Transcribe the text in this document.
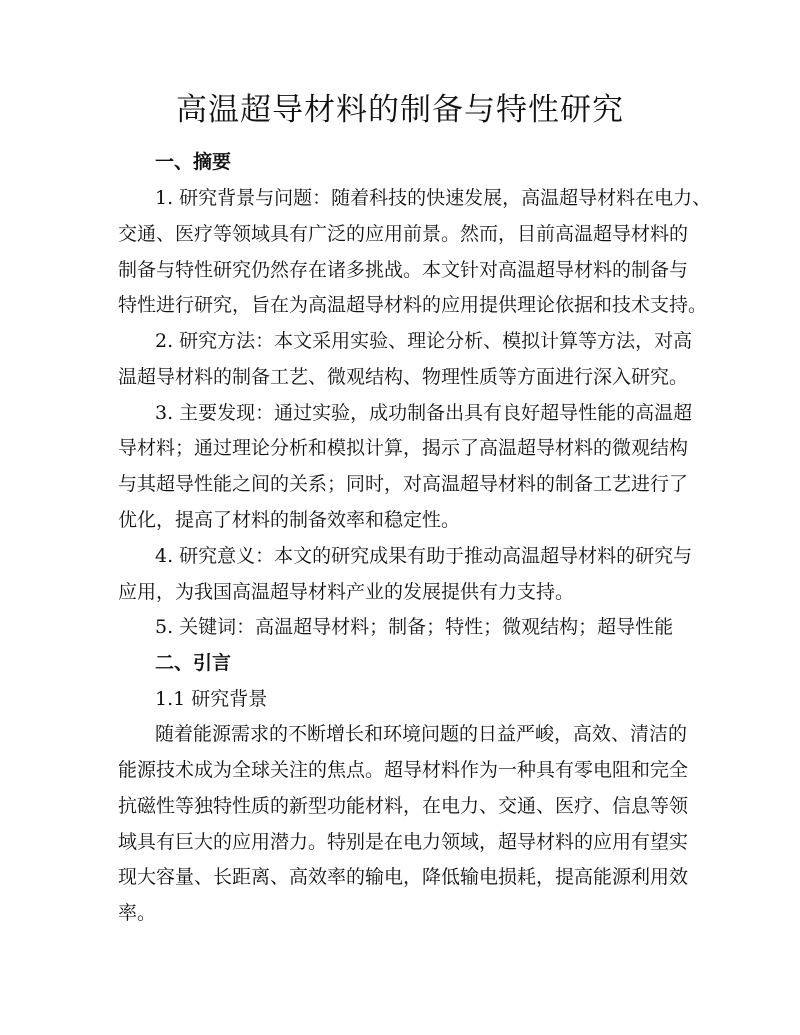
高温超导材料的制备与特性研究
一、摘要
1. 研究背景与问题：随着科技的快速发展，高温超导材料在电力、
交通、医疗等领域具有广泛的应用前景。然而，目前高温超导材料的
制备与特性研究仍然存在诸多挑战。本文针对高温超导材料的制备与
特性进行研究，旨在为高温超导材料的应用提供理论依据和技术支持。
2. 研究方法：本文采用实验、理论分析、模拟计算等方法，对高
温超导材料的制备工艺、微观结构、物理性质等方面进行深入研究。
3. 主要发现：通过实验，成功制备出具有良好超导性能的高温超
导材料；通过理论分析和模拟计算，揭示了高温超导材料的微观结构
与其超导性能之间的关系；同时，对高温超导材料的制备工艺进行了
优化，提高了材料的制备效率和稳定性。
4. 研究意义：本文的研究成果有助于推动高温超导材料的研究与
应用，为我国高温超导材料产业的发展提供有力支持。
5. 关键词：高温超导材料；制备；特性；微观结构；超导性能
二、引言
1.1 研究背景
随着能源需求的不断增长和环境问题的日益严峻，高效、清洁的
能源技术成为全球关注的焦点。超导材料作为一种具有零电阻和完全
抗磁性等独特性质的新型功能材料，在电力、交通、医疗、信息等领
域具有巨大的应用潜力。特别是在电力领域，超导材料的应用有望实
现大容量、长距离、高效率的输电，降低输电损耗，提高能源利用效
率。
